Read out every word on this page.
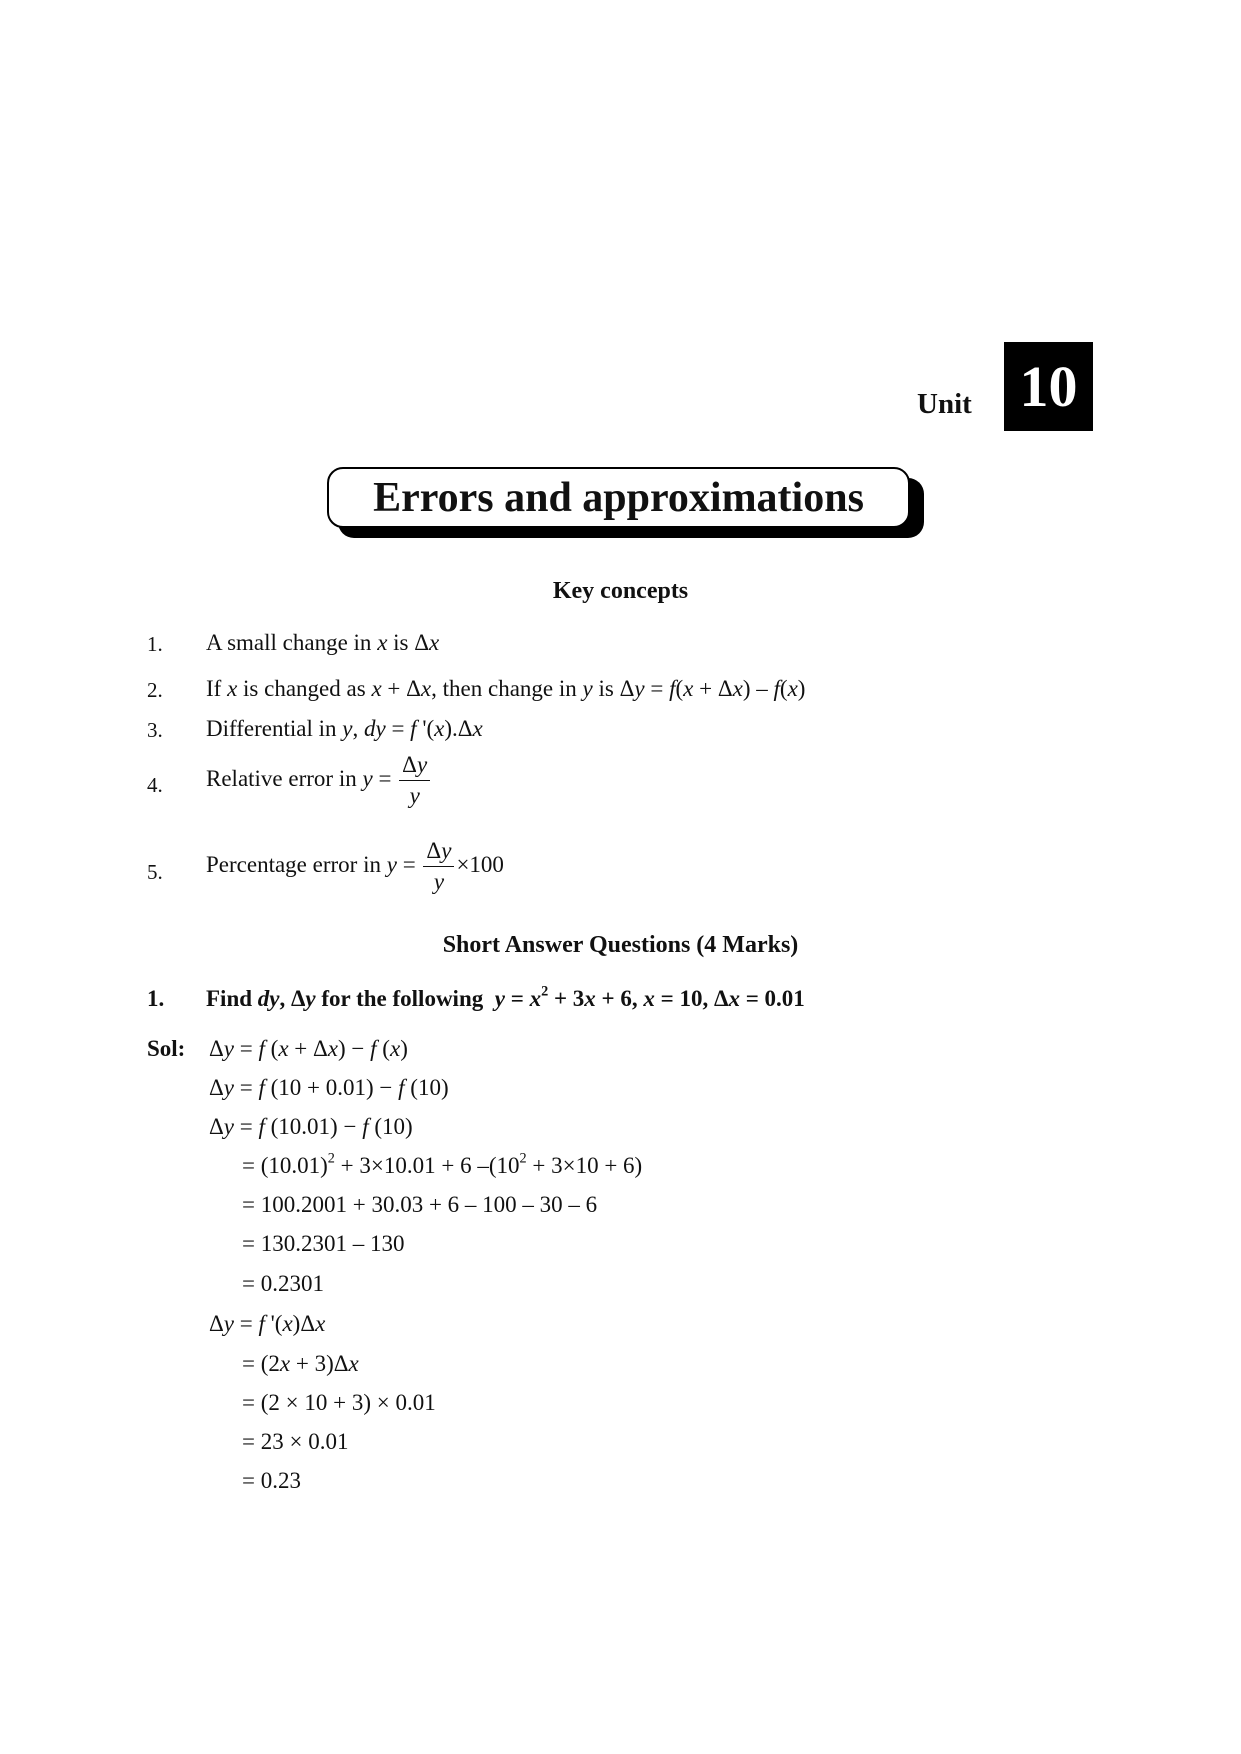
Unit 10
Errors and approximations
Key concepts
1. A small change in x is Δx
2. If x is changed as x + Δx, then change in y is Δy = f(x + Δx) – f(x)
3. Differential in y, dy = f '(x).Δx
4. Relative error in $y = \frac{\Delta y}{y}$
5. Percentage error in $y = \frac{\Delta y}{y} \times 100$
Short Answer Questions (4 Marks)
1. Find dy, Δy for the following  $y = x^2 + 3x + 6$, x = 10, Δx = 0.01
Sol: Δy = f (x + Δx) − f (x)
Δy = f (10 + 0.01) − f (10)
Δy = f (10.01) − f (10)
= $(10.01)^2 + 3\times 10.01 + 6$ $-(10^2 + 3\times 10 + 6)$
= 100.2001 + 30.03 + 6 – 100 – 30 – 6
= 130.2301 – 130
= 0.2301
Δy = f '(x)Δx
= (2x + 3)Δx
= (2 × 10 + 3) × 0.01
= 23 × 0.01
= 0.23
